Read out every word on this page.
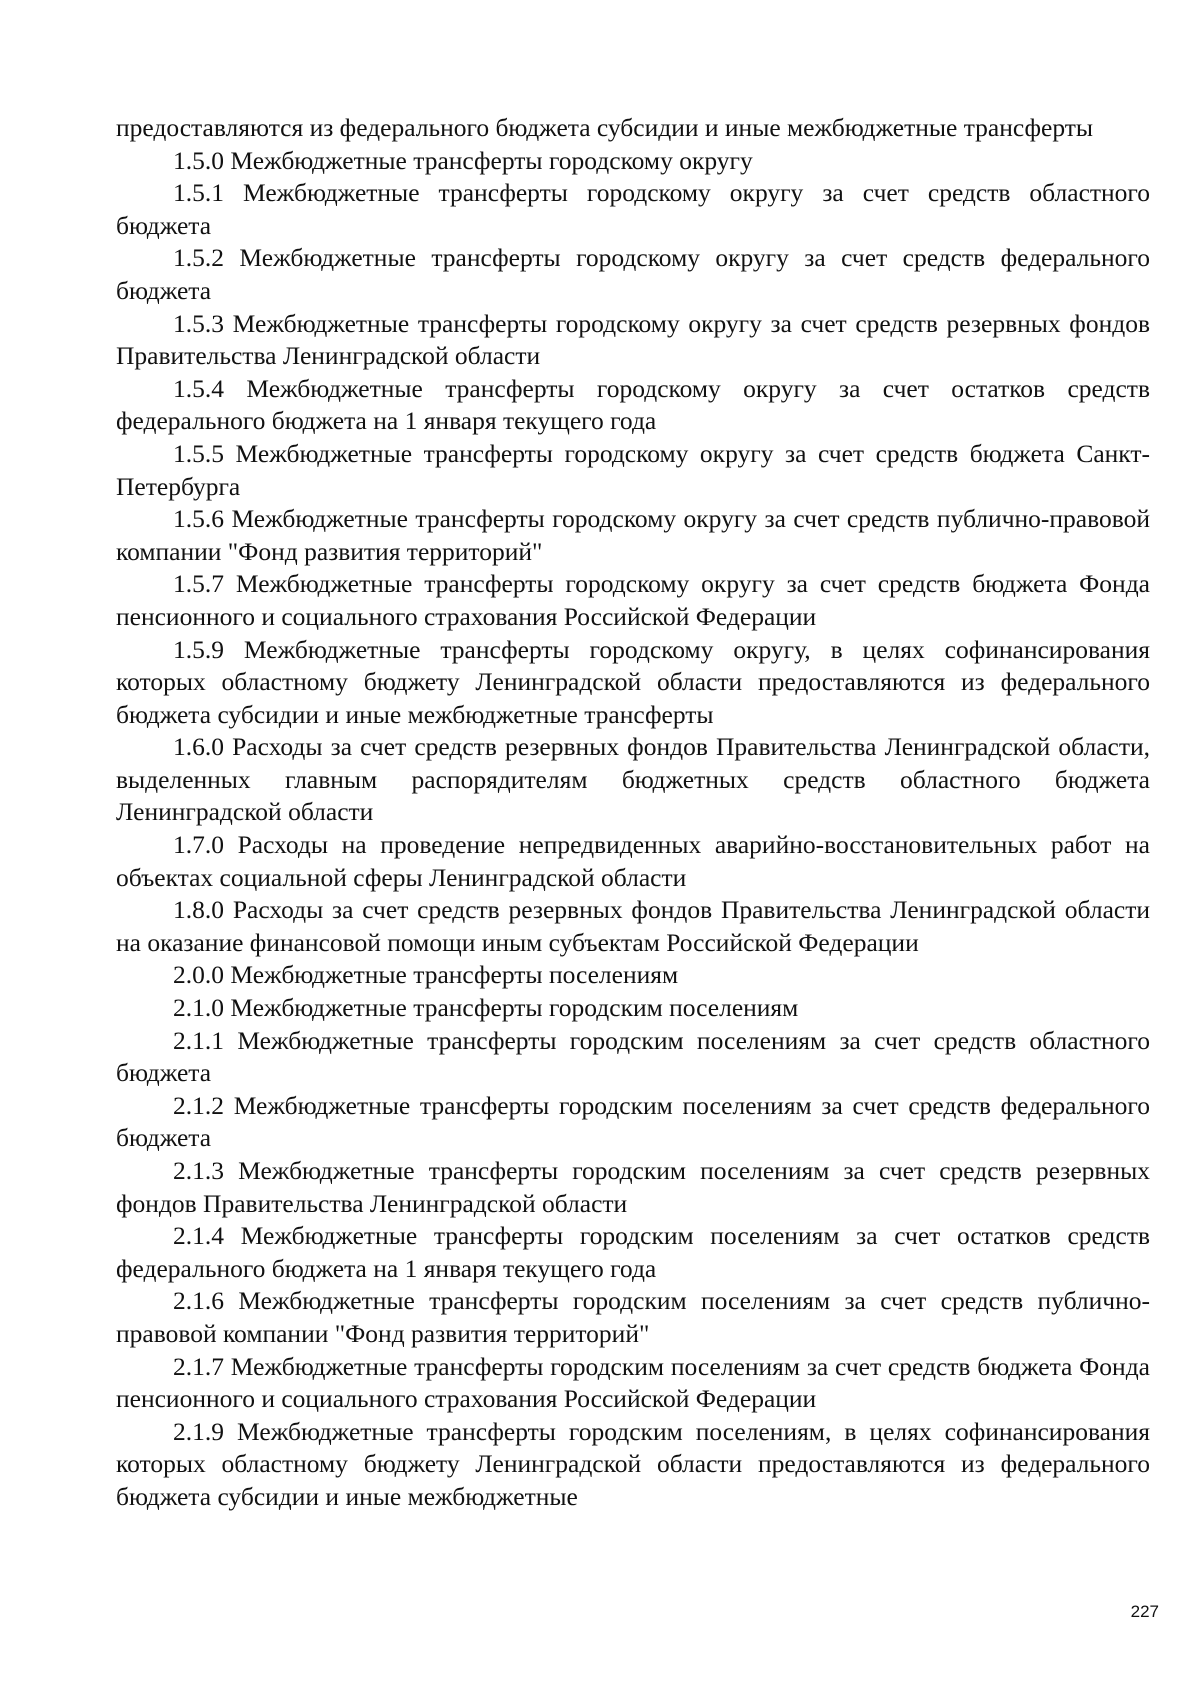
предоставляются из федерального бюджета субсидии и иные межбюджетные трансферты

1.5.0 Межбюджетные трансферты городскому округу

1.5.1 Межбюджетные трансферты городскому округу за счет средств областного бюджета

1.5.2 Межбюджетные трансферты городскому округу за счет средств федерального бюджета

1.5.3 Межбюджетные трансферты городскому округу за счет средств резервных фондов Правительства Ленинградской области

1.5.4 Межбюджетные трансферты городскому округу за счет остатков средств федерального бюджета на 1 января текущего года

1.5.5 Межбюджетные трансферты городскому округу за счет средств бюджета Санкт-Петербурга

1.5.6 Межбюджетные трансферты городскому округу за счет средств публично-правовой компании "Фонд развития территорий"

1.5.7 Межбюджетные трансферты городскому округу за счет средств бюджета Фонда пенсионного и социального страхования Российской Федерации

1.5.9 Межбюджетные трансферты городскому округу, в целях софинансирования которых областному бюджету Ленинградской области предоставляются из федерального бюджета субсидии и иные межбюджетные трансферты

1.6.0 Расходы за счет средств резервных фондов Правительства Ленинградской области, выделенных главным распорядителям бюджетных средств областного бюджета Ленинградской области

1.7.0 Расходы на проведение непредвиденных аварийно-восстановительных работ на объектах социальной сферы Ленинградской области

1.8.0 Расходы за счет средств резервных фондов Правительства Ленинградской области на оказание финансовой помощи иным субъектам Российской Федерации

2.0.0 Межбюджетные трансферты поселениям

2.1.0 Межбюджетные трансферты городским поселениям

2.1.1 Межбюджетные трансферты городским поселениям за счет средств областного бюджета

2.1.2 Межбюджетные трансферты городским поселениям за счет средств федерального бюджета

2.1.3 Межбюджетные трансферты городским поселениям за счет средств резервных фондов Правительства Ленинградской области

2.1.4 Межбюджетные трансферты городским поселениям за счет остатков средств федерального бюджета на 1 января текущего года

2.1.6 Межбюджетные трансферты городским поселениям за счет средств публично-правовой компании "Фонд развития территорий"

2.1.7 Межбюджетные трансферты городским поселениям за счет средств бюджета Фонда пенсионного и социального страхования Российской Федерации

2.1.9 Межбюджетные трансферты городским поселениям, в целях софинансирования которых областному бюджету Ленинградской области предоставляются из федерального бюджета субсидии и иные межбюджетные

227
